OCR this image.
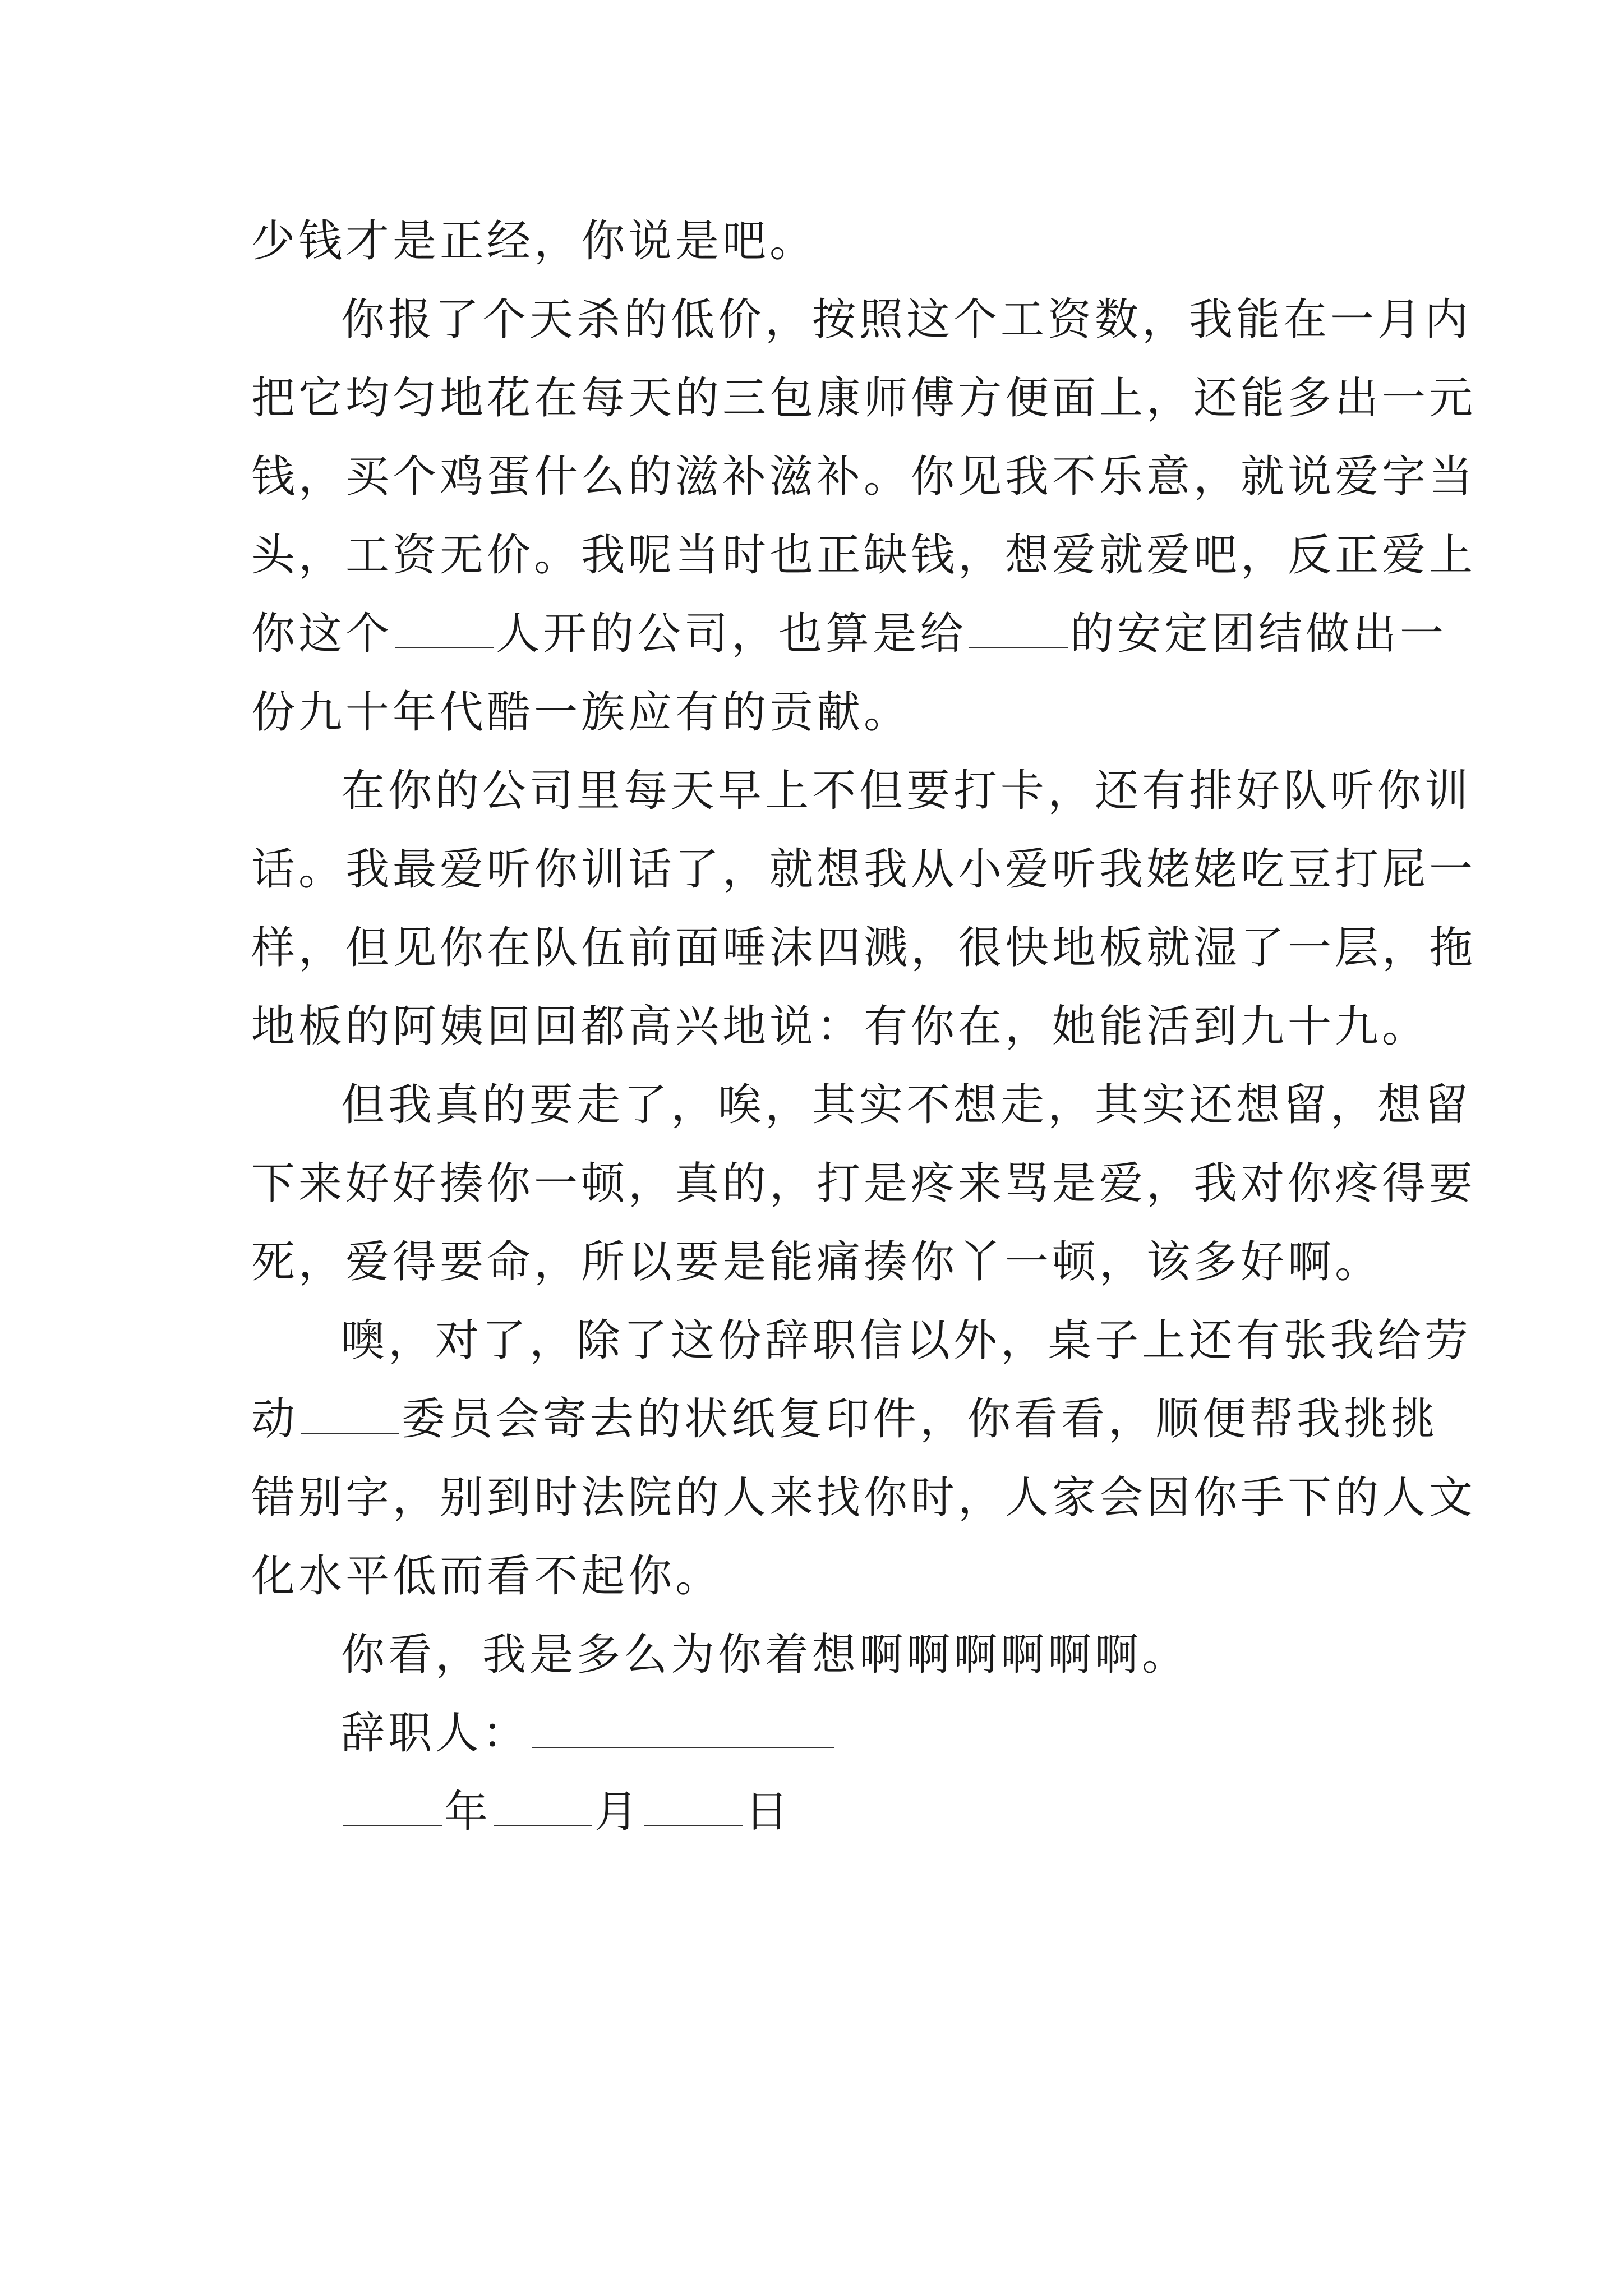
少钱才是正经，你说是吧。
你报了个天杀的低价，按照这个工资数，我能在一月内
把它均匀地花在每天的三包康师傅方便面上，还能多出一元
钱，买个鸡蛋什么的滋补滋补。你见我不乐意，就说爱字当
头，工资无价。我呢当时也正缺钱，想爱就爱吧，反正爱上
你这个 人开的公司，也算是给 的安定团结做出一
份九十年代酷一族应有的贡献。
在你的公司里每天早上不但要打卡，还有排好队听你训
话。我最爱听你训话了，就想我从小爱听我姥姥吃豆打屁一
样，但见你在队伍前面唾沫四溅，很快地板就湿了一层，拖
地板的阿姨回回都高兴地说：有你在，她能活到九十九。
但我真的要走了，唉，其实不想走，其实还想留，想留
下来好好揍你一顿，真的，打是疼来骂是爱，我对你疼得要
死，爱得要命，所以要是能痛揍你丫一顿，该多好啊。
噢，对了，除了这份辞职信以外，桌子上还有张我给劳
动 委员会寄去的状纸复印件，你看看，顺便帮我挑挑
错别字，别到时法院的人来找你时，人家会因你手下的人文
化水平低而看不起你。
你看，我是多么为你着想啊啊啊啊啊啊。
辞职人：
年 月 日
